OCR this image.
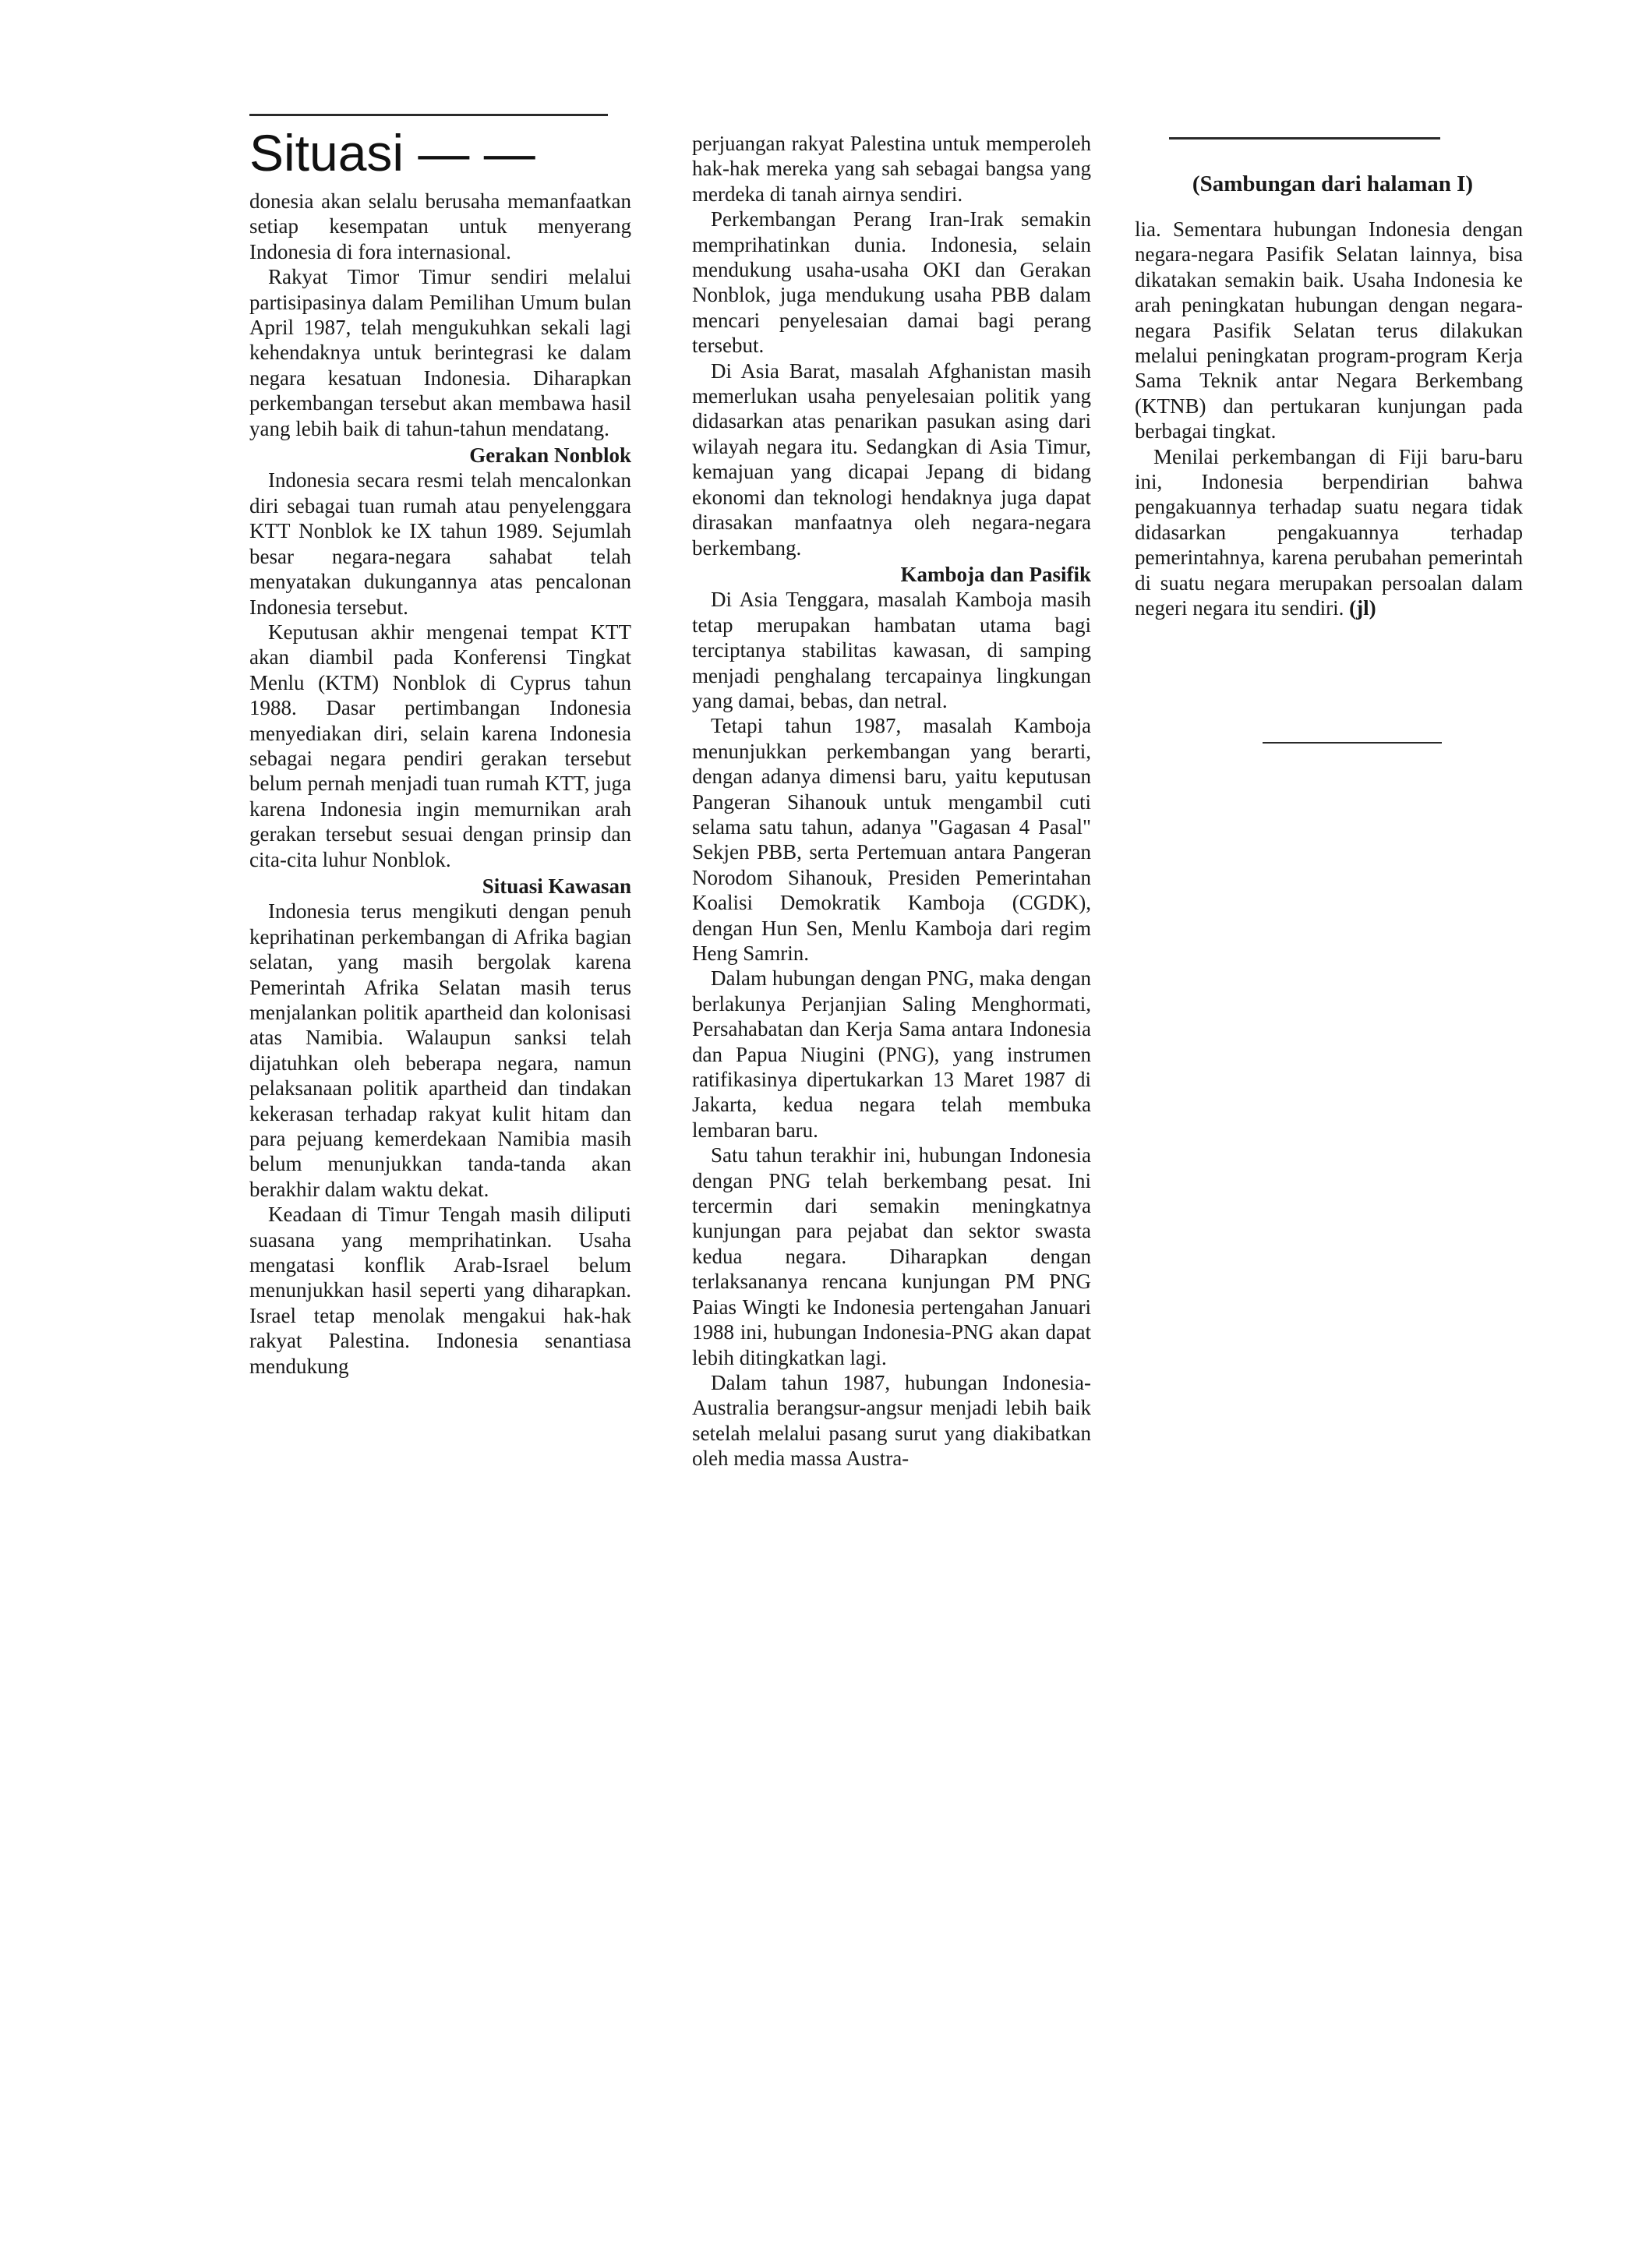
Situasi — —
(Sambungan dari halaman I)

donesia akan selalu berusaha memanfaatkan setiap kesempatan untuk menyerang Indonesia di fora internasional.

Rakyat Timor Timur sendiri melalui partisipasinya dalam Pemilihan Umum bulan April 1987, telah mengukuhkan sekali lagi kehendaknya untuk berintegrasi ke dalam negara kesatuan Indonesia. Diharapkan perkembangan tersebut akan membawa hasil yang lebih baik di tahun-tahun mendatang.

Gerakan Nonblok

Indonesia secara resmi telah mencalonkan diri sebagai tuan rumah atau penyelenggara KTT Nonblok ke IX tahun 1989. Sejumlah besar negara-negara sahabat telah menyatakan dukungannya atas pencalonan Indonesia tersebut.

Keputusan akhir mengenai tempat KTT akan diambil pada Konferensi Tingkat Menlu (KTM) Nonblok di Cyprus tahun 1988. Dasar pertimbangan Indonesia menyediakan diri, selain karena Indonesia sebagai negara pendiri gerakan tersebut belum pernah menjadi tuan rumah KTT, juga karena Indonesia ingin memurnikan arah gerakan tersebut sesuai dengan prinsip dan cita-cita luhur Nonblok.

Situasi Kawasan

Indonesia terus mengikuti dengan penuh keprihatinan perkembangan di Afrika bagian selatan, yang masih bergolak karena Pemerintah Afrika Selatan masih terus menjalankan politik apartheid dan kolonisasi atas Namibia. Walaupun sanksi telah dijatuhkan oleh beberapa negara, namun pelaksanaan politik apartheid dan tindakan kekerasan terhadap rakyat kulit hitam dan para pejuang kemerdekaan Namibia masih belum menunjukkan tanda-tanda akan berakhir dalam waktu dekat.

Keadaan di Timur Tengah masih diliputi suasana yang memprihatinkan. Usaha mengatasi konflik Arab-Israel belum menunjukkan hasil seperti yang diharapkan. Israel tetap menolak mengakui hak-hak rakyat Palestina. Indonesia senantiasa mendukung

perjuangan rakyat Palestina untuk memperoleh hak-hak mereka yang sah sebagai bangsa yang merdeka di tanah airnya sendiri.

Perkembangan Perang Iran-Irak semakin memprihatinkan dunia. Indonesia, selain mendukung usaha-usaha OKI dan Gerakan Nonblok, juga mendukung usaha PBB dalam mencari penyelesaian damai bagi perang tersebut.

Di Asia Barat, masalah Afghanistan masih memerlukan usaha penyelesaian politik yang didasarkan atas penarikan pasukan asing dari wilayah negara itu. Sedangkan di Asia Timur, kemajuan yang dicapai Jepang di bidang ekonomi dan teknologi hendaknya juga dapat dirasakan manfaatnya oleh negara-negara berkembang.

Kamboja dan Pasifik

Di Asia Tenggara, masalah Kamboja masih tetap merupakan hambatan utama bagi terciptanya stabilitas kawasan, di samping menjadi penghalang tercapainya lingkungan yang damai, bebas, dan netral.

Tetapi tahun 1987, masalah Kamboja menunjukkan perkembangan yang berarti, dengan adanya dimensi baru, yaitu keputusan Pangeran Sihanouk untuk mengambil cuti selama satu tahun, adanya "Gagasan 4 Pasal" Sekjen PBB, serta Pertemuan antara Pangeran Norodom Sihanouk, Presiden Pemerintahan Koalisi Demokratik Kamboja (CGDK), dengan Hun Sen, Menlu Kamboja dari regim Heng Samrin.

Dalam hubungan dengan PNG, maka dengan berlakunya Perjanjian Saling Menghormati, Persahabatan dan Kerja Sama antara Indonesia dan Papua Niugini (PNG), yang instrumen ratifikasinya dipertukarkan 13 Maret 1987 di Jakarta, kedua negara telah membuka lembaran baru.

Satu tahun terakhir ini, hubungan Indonesia dengan PNG telah berkembang pesat. Ini tercermin dari semakin meningkatnya kunjungan para pejabat dan sektor swasta kedua negara. Diharapkan dengan terlaksananya rencana kunjungan PM PNG Paias Wingti ke Indonesia pertengahan Januari 1988 ini, hubungan Indonesia-PNG akan dapat lebih ditingkatkan lagi.

Dalam tahun 1987, hubungan Indonesia-Australia berangsur-angsur menjadi lebih baik setelah melalui pasang surut yang diakibatkan oleh media massa Austra-

lia. Sementara hubungan Indonesia dengan negara-negara Pasifik Selatan lainnya, bisa dikatakan semakin baik. Usaha Indonesia ke arah peningkatan hubungan dengan negara-negara Pasifik Selatan terus dilakukan melalui peningkatan program-program Kerja Sama Teknik antar Negara Berkembang (KTNB) dan pertukaran kunjungan pada berbagai tingkat.

Menilai perkembangan di Fiji baru-baru ini, Indonesia berpendirian bahwa pengakuannya terhadap suatu negara tidak didasarkan pengakuannya terhadap pemerintahnya, karena perubahan pemerintah di suatu negara merupakan persoalan dalam negeri negara itu sendiri. (jl)
